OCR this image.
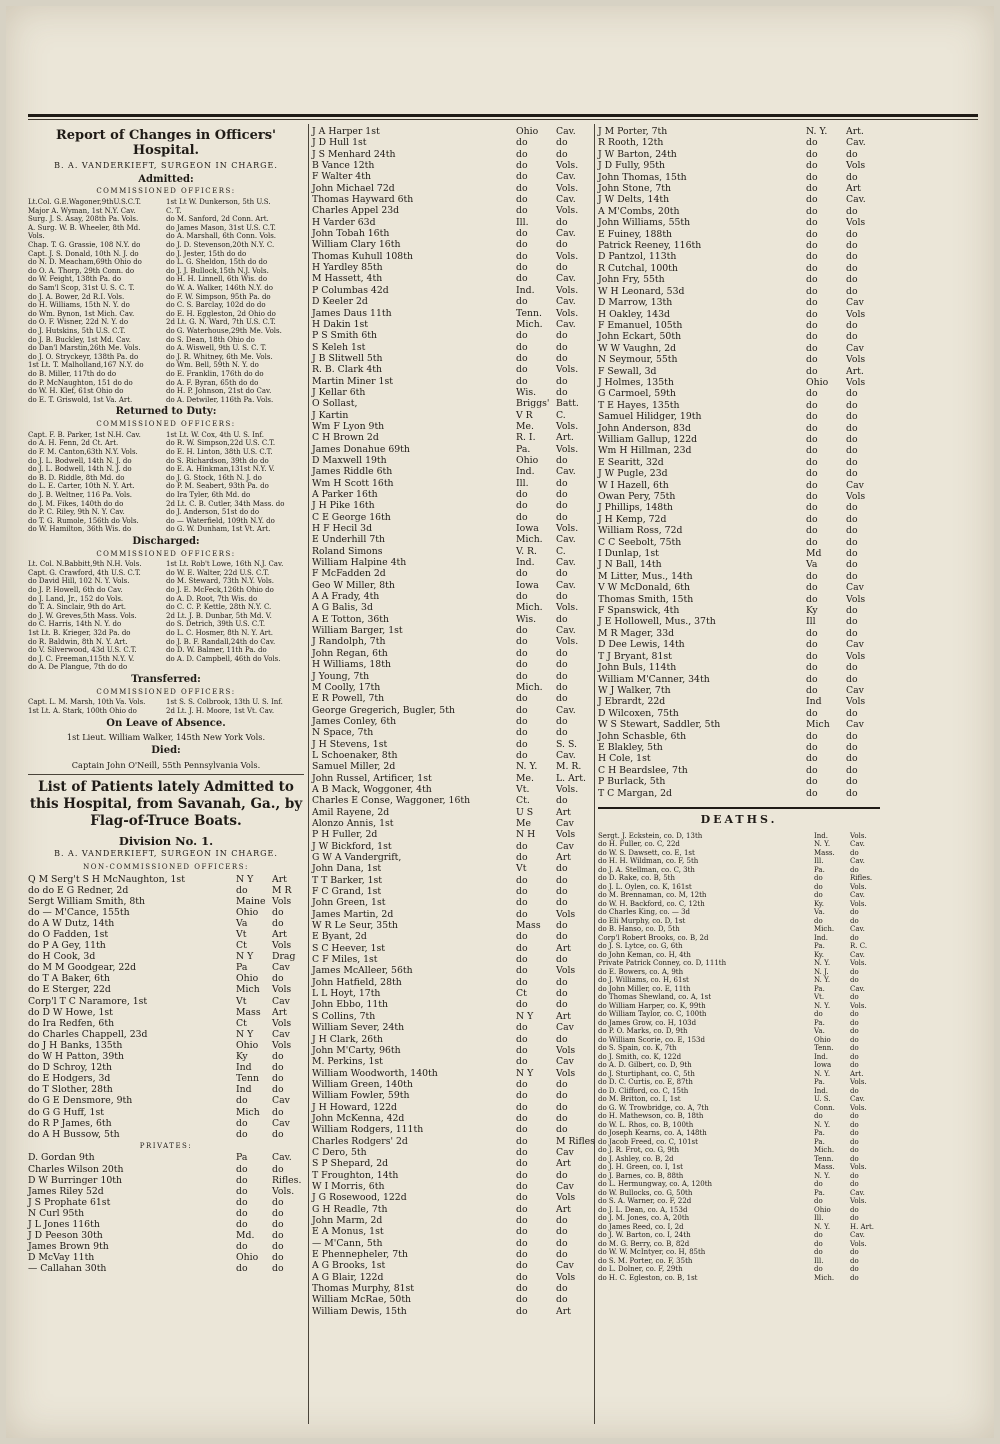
Report of Changes in Officers' Hospital.
B. A. VANDERKIEFT, SURGEON IN CHARGE.
Admitted:
COMMISSIONED OFFICERS:
Lt.Col. G.E.Wagoner,9thU.S.C.T.	1st Lt W. Dunkerson, 5th U.S.
Major A. Wyman, 1st N.Y. Cav.	C. T.
Surg. J. S. Asay, 208th Pa. Vols.	do M. Sanford, 2d Conn. Art.
A. Surg. W. B. Wheeler, 8th Md.	do James Mason, 31st U.S. C.T.
Vols.	do A. Marshall, 6th Conn. Vols.
Chap. T. G. Grassie, 108 N.Y. do	do J. D. Stevenson,20th N.Y. C.
Capt. J. S. Donald, 10th N. J. do	do J. Jester, 15th do do
do N. D. Meacham,69th Ohio do	do L. G. Sheldon, 15th do do
do O. A. Thorp, 29th Conn. do	do J. J. Bullock,15th N.J. Vols.
do W. Feight, 138th Pa. do	do H. H. Linnell, 6th Wis. do
do Sam'l Scop, 31st U. S. C. T.	do W. A. Walker, 146th N.Y. do
do J. A. Bower, 2d R.I. Vols.	do F. W. Simpson, 95th Pa. do
do H. Williams, 15th N. Y. do	do C. S. Barclay, 102d do do
do Wm. Bynon, 1st Mich. Cav.	do E. H. Eggleston, 2d Ohio do
do O. F. Wisner, 22d N. Y. do	2d Lt. G. N. Ward, 7th U.S. C.T.
do J. Hutskins, 5th U.S. C.T.	do G. Waterhouse,29th Me. Vols.
do J. B. Buckley, 1st Md. Cav.	do S. Dean, 18th Ohio do
do Dan'l Marstin,26th Me. Vols.	do A. Wiswell, 9th U. S. C. T.
do J. O. Stryckeyr, 138th Pa. do	do J. R. Whitney, 6th Me. Vols.
1st Lt. T. Malholland,167 N.Y. do	do Wm. Bell, 59th N. Y. do
do B. Miller, 117th do do	do E. Franklin, 176th do do
do P. McNaughton, 151 do do	do A. F. Byran, 65th do do
do W. H. Klef, 61st Ohio do	do H. P. Johnson, 21st do Cav.
do E. T. Griswold, 1st Va. Art.	do A. Detwiler, 116th Pa. Vols.
Returned to Duty:
COMMISSIONED OFFICERS:
Capt. F. B. Parker, 1st N.H. Cav.	1st Lt. W. Cox, 4th U. S. Inf.
do A. H. Fenn, 2d Ct. Art.	do R. W. Simpson,22d U.S. C.T.
do F. M. Canton,63th N.Y. Vols.	do E. H. Linton, 38th U.S. C.T.
do J. L. Bodwell, 14th N. J. do	do S. Richardson, 39th do do
do J. L. Bodwell, 14th N. J. do	do E. A. Hinkman,131st N.Y. V.
do B. D. Riddle, 8th Md. do	do J. G. Stock, 16th N. J. do
do L. E. Carter, 10th N. Y. Art.	do P. M. Seabert, 93th Pa. do
do J. B. Weltner, 116 Pa. Vols.	do Ira Tyler, 6th Md. do
do J. M. Fikes, 140th do do	2d Lt. C. B. Cutler, 34th Mass. do
do P. C. Riley, 9th N. Y. Cav.	do J. Anderson, 51st do do
do T. G. Rumole, 156th do Vols.	do — Waterfield, 109th N.Y. do
do W. Hamilton, 36th Wis. do	do G. W. Dunham, 1st Vt. Art.
Discharged:
COMMISSIONED OFFICERS:
Lt. Col. N.Babbitt,9th N.H. Vols.	1st Lt. Rob't Lowe, 16th N.J. Cav.
Capt. G. Crawford, 4th U.S. C.T.	do W. E. Walter, 22d U.S. C.T.
do David Hill, 102 N. Y. Vols.	do M. Steward, 73th N.Y. Vols.
do J. P. Howell, 6th do Cav.	do J. E. McFeck,126th Ohio do
do J. Land, Jr., 152 do Vols.	do A. D. Root, 7th Wis. do
do T. A. Sinclair, 9th do Art.	do C. C. P. Kettle, 28th N.Y. C.
do J. W. Greves,5th Mass. Vols.	2d Lt. J. B. Dunbar, 5th Md. V.
do C. Harris, 14th N. Y. do	do S. Detrich, 39th U.S. C.T.
1st Lt. B. Krieger, 32d Pa. do	do L. C. Hosmer, 8th N. Y. Art.
do R. Baldwin, 8th N. Y. Art.	do J. B. F. Randall,24th do Cav.
do V. Silverwood, 43d U.S. C.T.	do D. W. Balmer, 11th Pa. do
do J. C. Freeman,115th N.Y. V.	do A. D. Campbell, 46th do Vols.
do A. De Plangue, 7th do do
Transferred:
COMMISSIONED OFFICERS:
Capt. L. M. Marsh, 10th Va. Vols.	1st S. S. Colbrook, 13th U. S. Inf.
1st Lt. A. Stark, 100th Ohio do	2d Lt. J. H. Moore, 1st Vt. Cav.
On Leave of Absence.
1st Lieut. William Walker, 145th New York Vols.
Died:
Captain John O'Neill, 55th Pennsylvania Vols.
List of Patients lately Admitted to this Hospital, from Savanah, Ga., by Flag-of-Truce Boats.
Division No. 1.
B. A. VANDERKIEFT, SURGEON IN CHARGE.
NON-COMMISSIONED OFFICERS:
Q M Serg't S H McNaughton, 1st	N Y	Art
do do E G Redner, 2d	do	M R
Sergt William Smith, 8th	Maine Vols
do — M'Cance, 155th	Ohio	do
do A W Dutz, 14th	Va	do
do O Fadden, 1st	Vt	Art
do P A Gey, 11th	Ct	Vols
do H Cook, 3d	N Y	Drag
do M M Goodgear, 22d	Pa	Cav
do T A Baker, 6th	Ohio	do
do E Sterger, 22d	Mich	Vols
Corp'l T C Naramore, 1st	Vt	Cav
do D W Howe, 1st	Mass	Art
do Ira Redfen, 6th	Ct	Vols
do Charles Chappell, 23d	N Y	Cav
do J H Banks, 135th	Ohio	Vols
do W H Patton, 39th	Ky	do
do D Schroy, 12th	Ind	do
do E Hodgers, 3d	Tenn	do
do T Slother, 28th	Ind	do
do G E Densmore, 9th	do	Cav
do G G Huff, 1st	Mich	do
do R P James, 6th	do	Cav
do A H Bussow, 5th	do	do
PRIVATES:
D. Gordan 9th	Pa	Cav.
Charles Wilson 20th	do	do
D W Burringer 10th	do	Rifles.
James Riley 52d	do	Vols.
J S Prophate 61st	do	do
N Curl 95th	do	do
J L Jones 116th	do	do
J D Peeson 30th	Md.	do
James Brown 9th	do	do
D McVay 11th	Ohio	do
— Callahan 30th	do	do
J A Harper 1st	Ohio	Cav.
J D Hull 1st	do	do
J S Menhard 24th	do	do
B Vance 12th	do	Vols.
F Walter 4th	do	Cav.
John Michael 72d	do	Vols.
Thomas Hayward 6th	do	Cav.
Charles Appel 23d	do	Vols.
H Varder 63d	Ill.	do
John Tobah 16th	do	Cav.
William Clary 16th	do	do
Thomas Kuhull 108th	do	Vols.
H Yardley 85th	do	do
M Hassett, 4th	do	Cav.
P Columbas 42d	Ind.	Vols.
D Keeler 2d	do	Cav.
James Daus 11th	Tenn.	Vols.
H Dakin 1st	Mich.	Cav.
P S Smith 6th	do	do
S Keleh 1st	do	do
J B Slitwell 5th	do	do
R. B. Clark 4th	do	Vols.
Martin Miner 1st	do	do
J Kellar 6th	Wis.	do
O Sollast,	Briggs' Batt.
J Kartin	V R	C.
Wm F Lyon 9th	Me.	Vols.
C H Brown 2d	R. I.	Art.
James Donahue 69th	Pa.	Vols.
D Maxwell 19th	Ohio	do
James Riddle 6th	Ind.	Cav.
Wm H Scott 16th	Ill.	do
A Parker 16th	do	do
J H Pike 16th	do	do
C E George 16th	do	do
H F Hecil 3d	Iowa	Vols.
E Underhill 7th	Mich.	Cav.
Roland Simons	V. R.	C.
William Halpine 4th	Ind.	Cav.
F McFadden 2d	do	do
Geo W Miller, 8th	Iowa	Cav.
A A Frady, 4th	do	do
A G Balis, 3d	Mich.	Vols.
A E Totton, 36th	Wis.	do
William Barger, 1st	do	Cav.
J Randolph, 7th	do	Vols.
John Regan, 6th	do	do
H Williams, 18th	do	do
J Young, 7th	do	do
M Coolly, 17th	Mich.	do
E R Powell, 7th	do	do
George Gregerich, Bugler, 5th	do	Cav.
James Conley, 6th	do	do
N Space, 7th	do	do
J H Stevens, 1st	do	S. S.
L Schoenaker, 8th	do	Cav.
Samuel Miller, 2d	N. Y.	M. R.
John Russel, Artificer, 1st	Me.	L. Art.
A B Mack, Woggoner, 4th	Vt.	Vols.
Charles E Conse, Waggoner, 16th	Ct.	do
Amil Rayene, 2d	U S	Art
Alonzo Annis, 1st	Me	Cav
P H Fuller, 2d	N H	Vols
J W Bickford, 1st	do	Cav
G W A Vandergrift,	do	Art
John Dana, 1st	Vt	do
T T Barker, 1st	do	do
F C Grand, 1st	do	do
John Green, 1st	do	do
James Martin, 2d	do	Vols
W R Le Seur, 35th	Mass	do
E Byant, 2d	do	do
S C Heever, 1st	do	Art
C F Miles, 1st	do	do
James McAlleer, 56th	do	Vols
John Hatfield, 28th	do	do
L L Hoyt, 17th	Ct	do
John Ebbo, 11th	do	do
S Collins, 7th	N Y	Art
William Sever, 24th	do	Cav
J H Clark, 26th	do	do
John M'Carty, 96th	do	Vols
M. Perkins, 1st	do	Cav
William Woodworth, 140th	N Y	Vols
William Green, 140th	do	do
William Fowler, 59th	do	do
J H Howard, 122d	do	do
John McKenna, 42d	do	do
William Rodgers, 111th	do	do
Charles Rodgers' 2d	do	M Rifles
C Dero, 5th	do	Cav
S P Shepard, 2d	do	Art
T Froughton, 14th	do	do
W I Morris, 6th	do	Cav
J G Rosewood, 122d	do	Vols
G H Readle, 7th	do	Art
John Marm, 2d	do	do
E A Monus, 1st	do	do
— M'Cann, 5th	do	do
E Phennepheler, 7th	do	do
A G Brooks, 1st	do	Cav
A G Blair, 122d	do	Vols
Thomas Murphy, 81st	do	do
William McRae, 50th	do	do
William Dewis, 15th	do	Art
J M Porter, 7th	N. Y.	Art.
R Rooth, 12th	do	Cav.
J W Barton, 24th	do	do
J D Fully, 95th	do	Vols
John Thomas, 15th	do	do
John Stone, 7th	do	Art
J W Delts, 14th	do	Cav.
A M'Combs, 20th	do	do
John Williams, 55th	do	Vols
E Fuiney, 188th	do	do
Patrick Reeney, 116th	do	do
D Pantzol, 113th	do	do
R Cutchal, 100th	do	do
John Fry, 55th	do	do
W H Leonard, 53d	do	do
D Marrow, 13th	do	Cav
H Oakley, 143d	do	Vols
F Emanuel, 105th	do	do
John Eckart, 50th	do	do
W W Vaughn, 2d	do	Cav
N Seymour, 55th	do	Vols
F Sewall, 3d	do	Art.
J Holmes, 135th	Ohio	Vols
G Carmoel, 59th	do	do
T E Hayes, 135th	do	do
Samuel Hilidger, 19th	do	do
John Anderson, 83d	do	do
William Gallup, 122d	do	do
Wm H Hillman, 23d	do	do
E Searitt, 32d	do	do
J W Pugle, 23d	do	do
W I Hazell, 6th	do	Cav
Owan Pery, 75th	do	Vols
J Phillips, 148th	do	do
J H Kemp, 72d	do	do
William Ross, 72d	do	do
C C Seebolt, 75th	do	do
I Dunlap, 1st	Md	do
J N Ball, 14th	Va	do
M Litter, Mus., 14th	do	do
V W McDonald, 6th	do	Cav
Thomas Smith, 15th	do	Vols
F Spanswick, 4th	Ky	do
J E Hollowell, Mus., 37th	Ill	do
M R Mager, 33d	do	do
D Dee Lewis, 14th	do	Cav
T J Bryant, 81st	do	Vols
John Buls, 114th	do	do
William M'Canner, 34th	do	do
W J Walker, 7th	do	Cav
J Ebrardt, 22d	Ind	Vols
D Wilcoxen, 75th	do	do
W S Stewart, Saddler, 5th	Mich	Cav
John Schasble, 6th	do	do
E Blakley, 5th	do	do
H Cole, 1st	do	do
C H Beardslee, 7th	do	do
P Burlack, 5th	do	do
T C Margan, 2d	do	do
DEATHS.
Sergt. J. Eckstein, co. D, 13th	Ind.	Vols.
do H. Fuller, co. C, 22d	N. Y.	Cav.
do W. S. Dawsett, co. E, 1st	Mass.	do
do H. H. Wildman, co. F, 5th	Ill.	Cav.
do J. A. Stellman, co. C, 3th	Pa.	do
do D. Rake, co. B, 5th	do	Rifles.
do J. L. Oylen, co. K, 161st	do	Vols.
do M. Brennaman, co. M, 12th	do	Cav.
do W. H. Backford, co. C, 12th	Ky.	Vols.
do Charles King, co. — 3d	Va.	do
do Eli Murphy, co. D, 1st	do	do
do B. Hanso, co. D, 5th	Mich.	Cav.
Corp'l Robert Brooks, co. B, 2d	Ind.	do
do J. S. Lytce, co. G, 6th	Pa.	R. C.
do John Keman, co. H, 4th	Ky.	Cav.
Private Patrick Conney, co. D, 111th	N. Y.	Vols.
do E. Bowers, co. A, 9th	N. J.	do
do J. Williams, co. H, 61st	N. Y.	do
do John Miller, co. E, 11th	Pa.	Cav.
do Thomas Shewland, co. A, 1st	Vt.	do
do William Harper, co. K, 99th	N. Y.	Vols.
do William Taylor, co. C, 100th	do	do
do James Grow, co. H, 103d	Pa.	do
do P. O. Marks, co. D, 9th	Va.	do
do William Scorie, co. E, 153d	Ohio	do
do S. Spain, co. K, 7th	Tenn.	do
do J. Smith, co. K, 122d	Ind.	do
do A. D. Gilbert, co. D, 9th	Iowa	do
do J. Sturtiphant, co. C, 5th	N. Y.	Art.
do D. C. Curtis, co. E, 87th	Pa.	Vols.
do D. Clifford, co. C, 15th	Ind.	do
do M. Britton, co. I, 1st	U. S.	Cav.
do G. W. Trowbridge, co. A, 7th	Conn.	Vols.
do H. Mathewson, co. B, 18th	do	do
do W. L. Rhos, co. B, 100th	N. Y.	do
do Joseph Kearns, co. A, 148th	Pa.	do
do Jacob Freed, co. C, 101st	Pa.	do
do J. R. Frot, co. G, 9th	Mich.	do
do J. Ashley, co. B, 2d	Tenn.	do
do J. H. Green, co. I, 1st	Mass.	Vols.
do J. Barnes, co. B, 88th	N. Y.	do
do L. Hermungway, co. A, 120th	do	do
do W. Bullocks, co. G, 50th	Pa.	Cav.
do S. A. Warner, co. F, 22d	do	Vols.
do J. L. Dean, co. A, 153d	Ohio	do
do J. M. Jones, co. A, 20th	Ill.	do
do James Reed, co. I, 2d	N. Y.	H. Art.
do J. W. Barton, co. I, 24th	do	Cav.
do M. G. Berry, co. B, 82d	do	Vols.
do W. W. McIntyer, co. H, 85th	do	do
do S. M. Porter, co. F, 35th	Ill.	do
do L. Dolner, co. F, 29th	do	do
do H. C. Egleston, co. B, 1st	Mich.	do
